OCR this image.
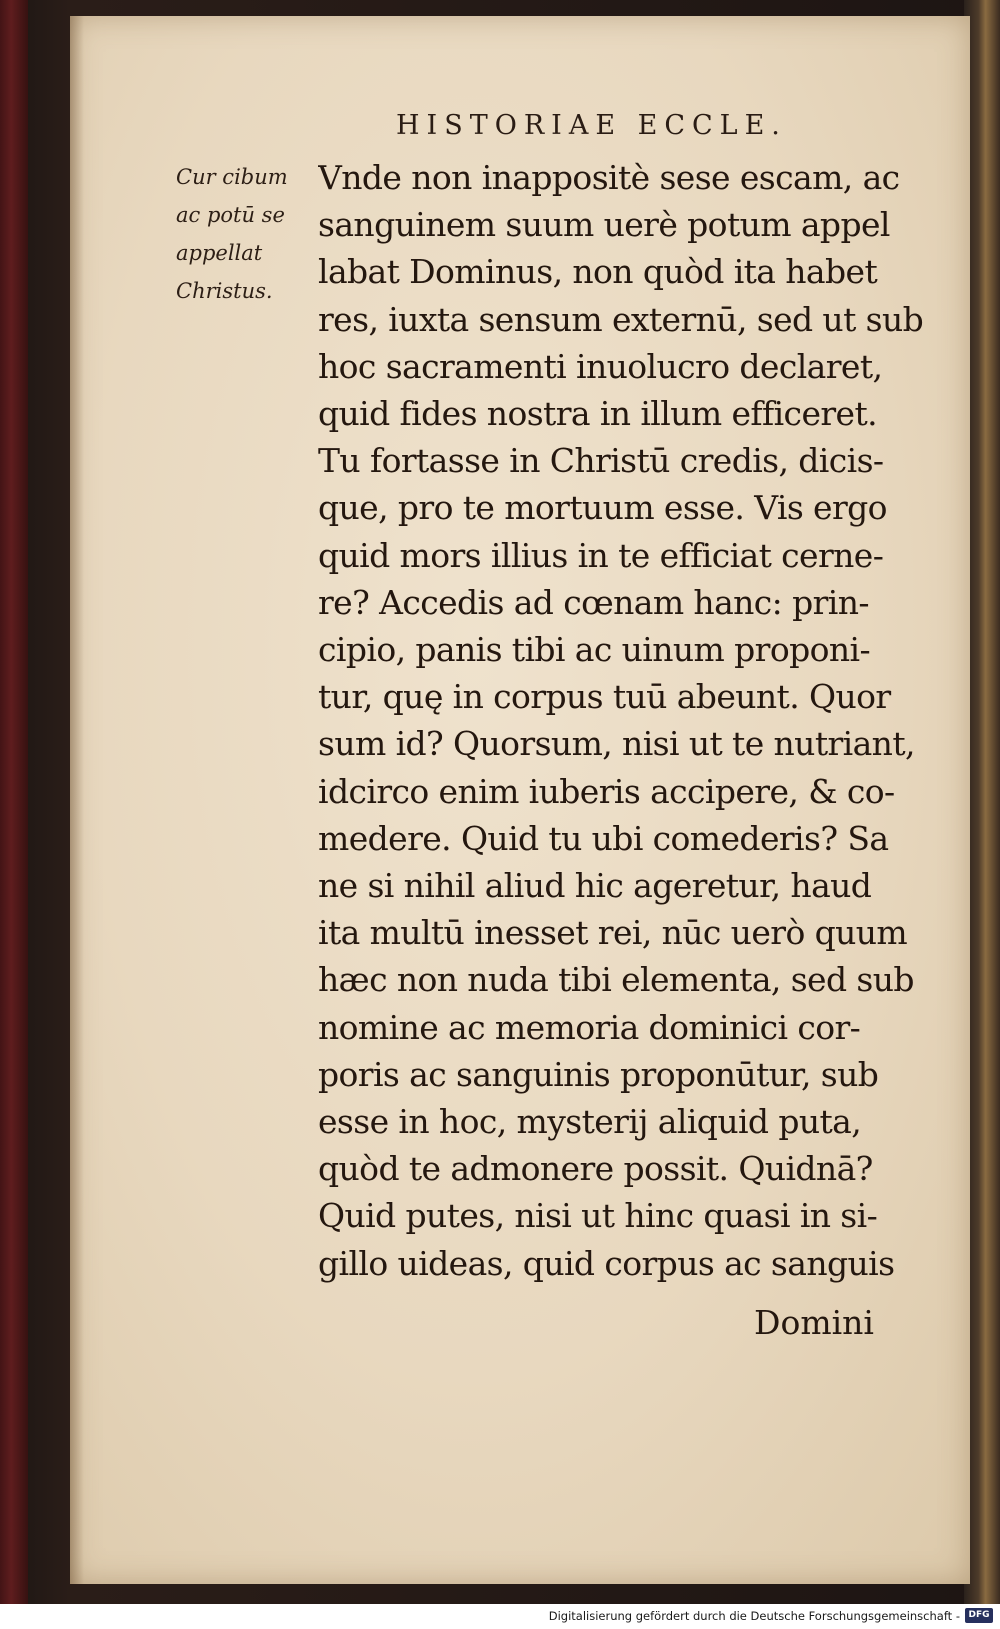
HISTORIAE ECCLE.
Cur cibum
ac potū se
appellat
Christus.
Vnde non inappositè sese escam, ac
sanguinem suum uerè potum appel
labat Dominus, non quòd ita habet
res, iuxta sensum externū, sed ut sub
hoc sacramenti inuolucro declaret,
quid fides nostra in illum efficeret.
Tu fortasse in Christū credis, dicis-
que, pro te mortuum esse. Vis ergo
quid mors illius in te efficiat cerne-
re? Accedis ad cœnam hanc: prin-
cipio, panis tibi ac uinum proponi-
tur, quę in corpus tuū abeunt. Quor
sum id? Quorsum, nisi ut te nutriant,
idcirco enim iuberis accipere, & co-
medere. Quid tu ubi comederis? Sa
ne si nihil aliud hic ageretur, haud
ita multū inesset rei, nūc uerò quum
hæc non nuda tibi elementa, sed sub
nomine ac memoria dominici cor-
poris ac sanguinis proponūtur, sub
esse in hoc, mysterij aliquid puta,
quòd te admonere possit. Quidnā?
Quid putes, nisi ut hinc quasi in si-
gillo uideas, quid corpus ac sanguis
Domini
Digitalisierung gefördert durch die Deutsche Forschungsgemeinschaft - DFG
